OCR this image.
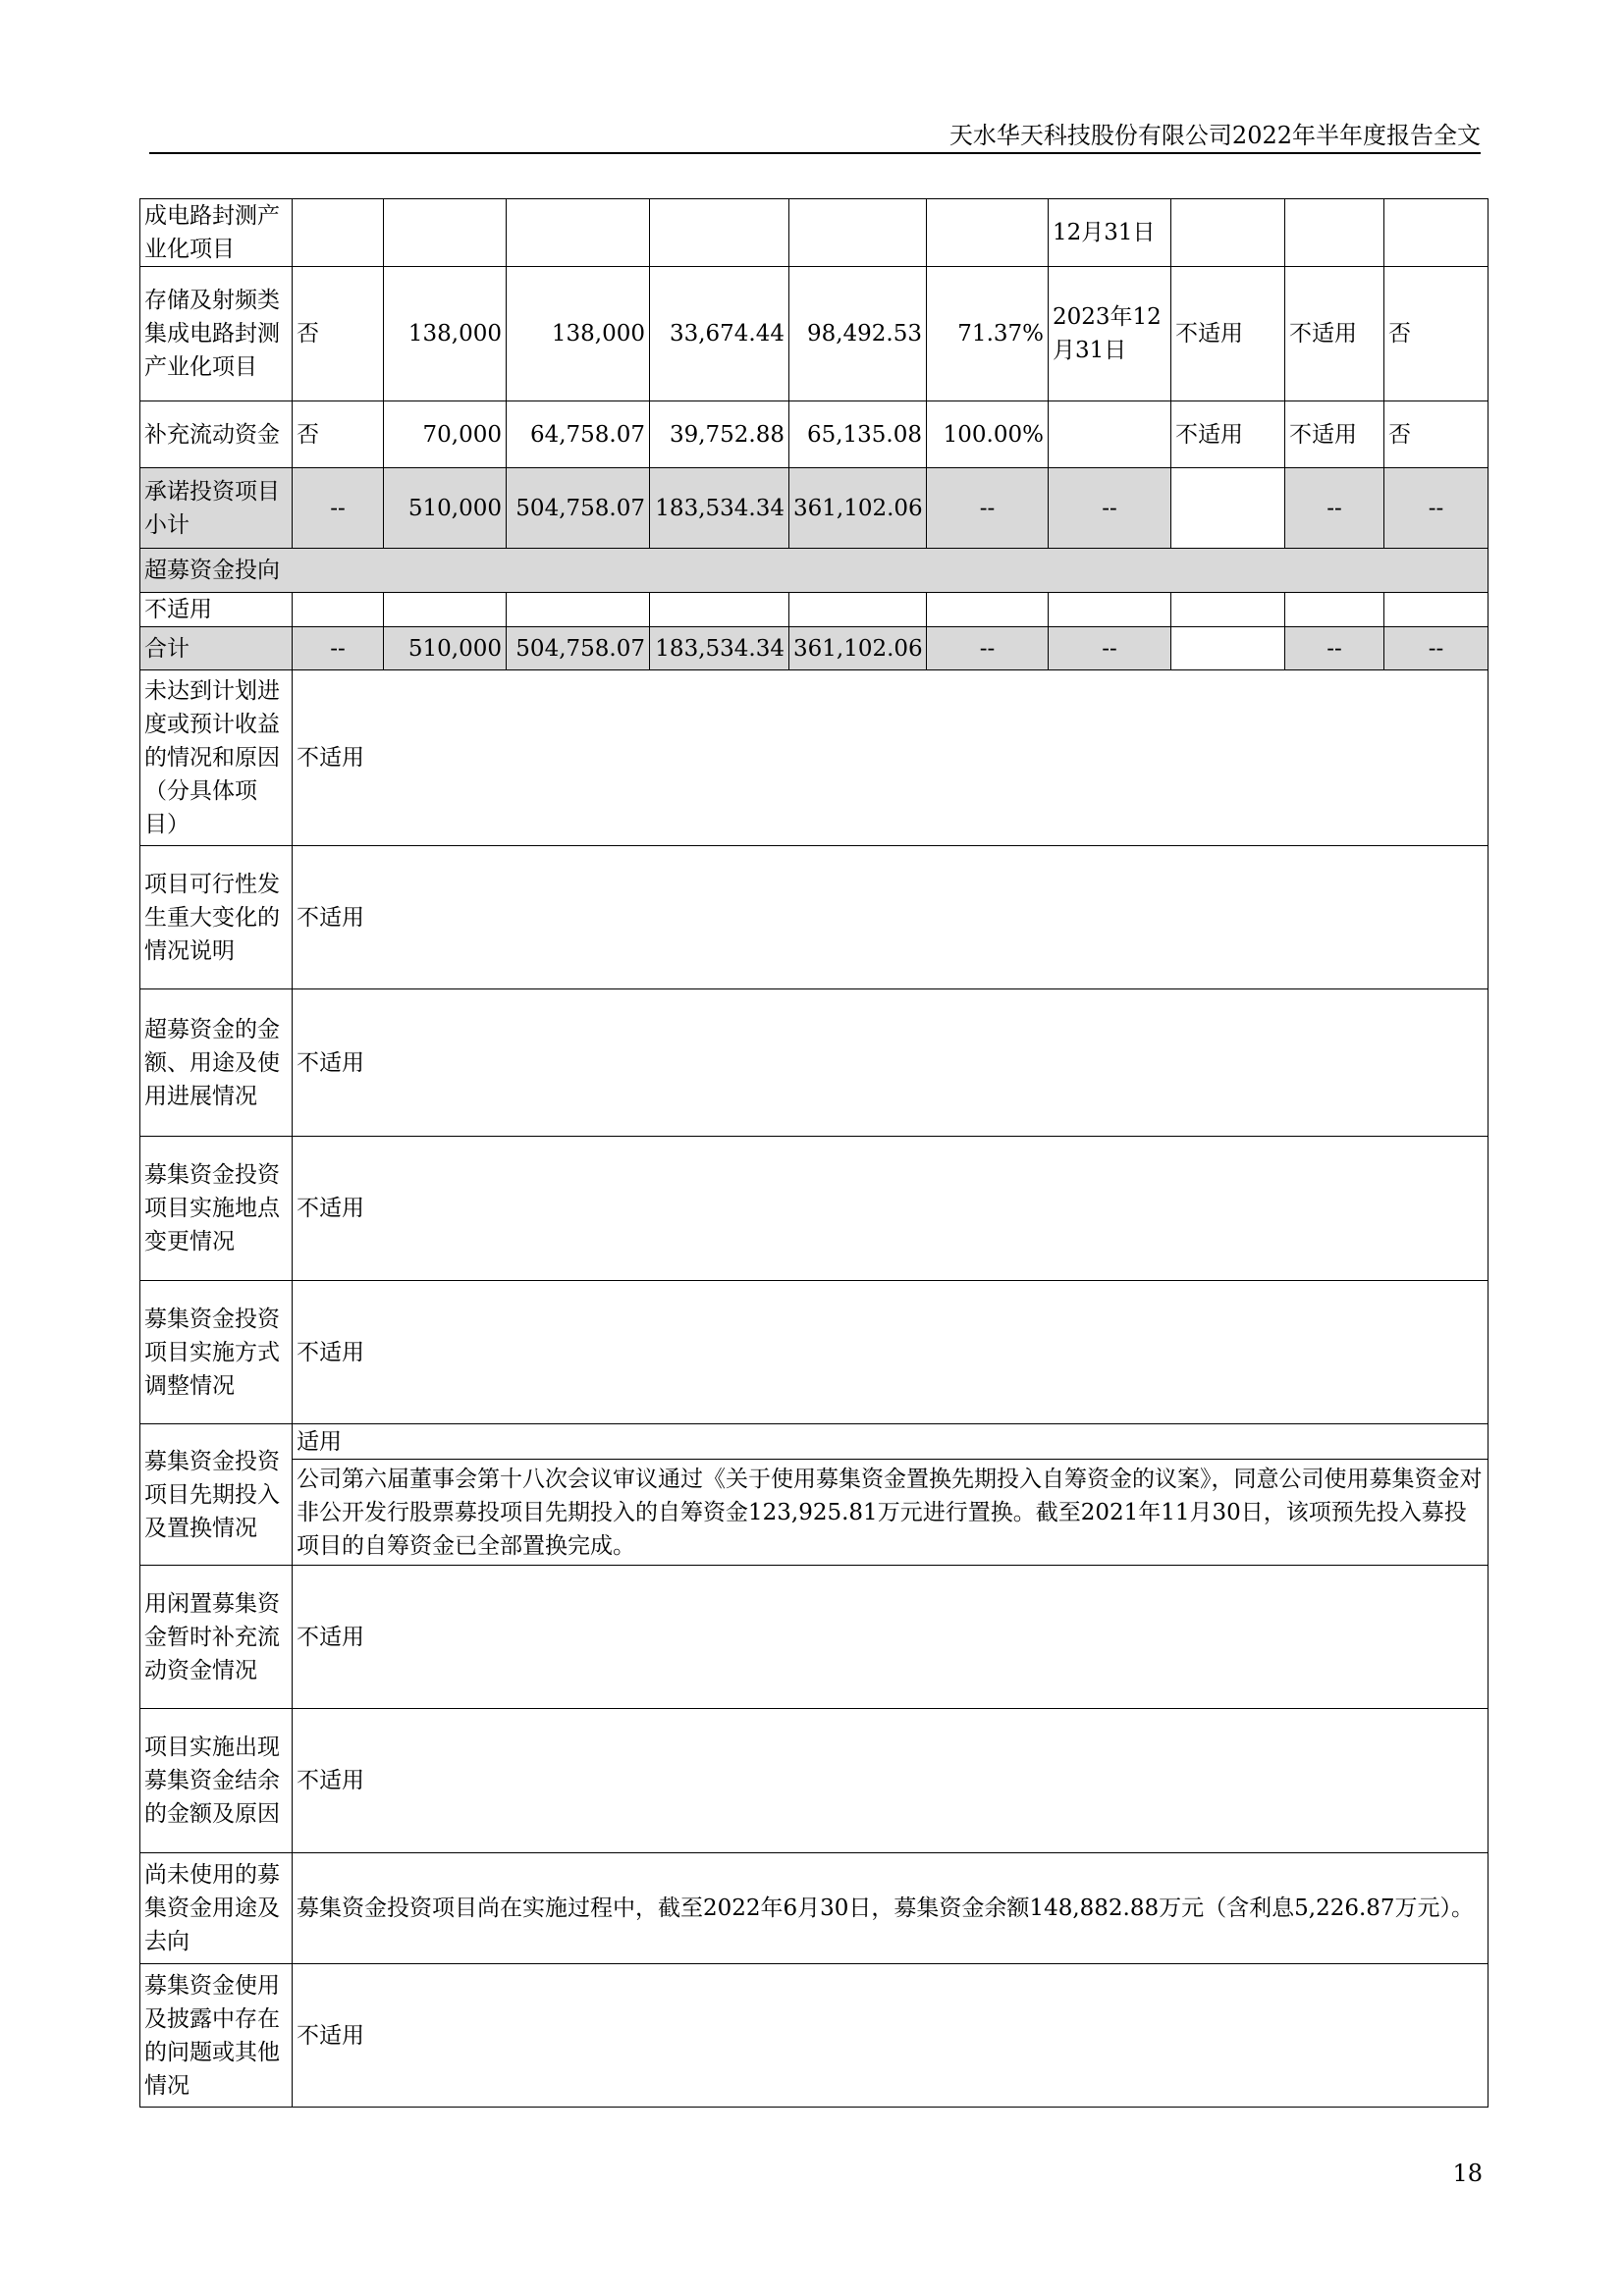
天水华天科技股份有限公司2022年半年度报告全文
成电路封测产业化项目							12月31日			
存储及射频类集成电路封测产业化项目	否	138,000	138,000	33,674.44	98,492.53	71.37%	2023年12月31日	不适用	不适用	否
补充流动资金	否	70,000	64,758.07	39,752.88	65,135.08	100.00%		不适用	不适用	否
承诺投资项目小计	--	510,000	504,758.07	183,534.34	361,102.06	--	--		--	--
超募资金投向										
不适用										
合计	--	510,000	504,758.07	183,534.34	361,102.06	--	--		--	--
未达到计划进度或预计收益的情况和原因（分具体项目）	不适用									
项目可行性发生重大变化的情况说明	不适用									
超募资金的金额、用途及使用进展情况	不适用									
募集资金投资项目实施地点变更情况	不适用									
募集资金投资项目实施方式调整情况	不适用									
募集资金投资项目先期投入及置换情况	适用									
	公司第六届董事会第十八次会议审议通过《关于使用募集资金置换先期投入自筹资金的议案》，同意公司使用募集资金对非公开发行股票募投项目先期投入的自筹资金123,925.81万元进行置换。截至2021年11月30日，该项预先投入募投项目的自筹资金已全部置换完成。									
用闲置募集资金暂时补充流动资金情况	不适用									
项目实施出现募集资金结余的金额及原因	不适用									
尚未使用的募集资金用途及去向	募集资金投资项目尚在实施过程中，截至2022年6月30日，募集资金余额148,882.88万元（含利息5,226.87万元）。									
募集资金使用及披露中存在的问题或其他情况	不适用									
18
